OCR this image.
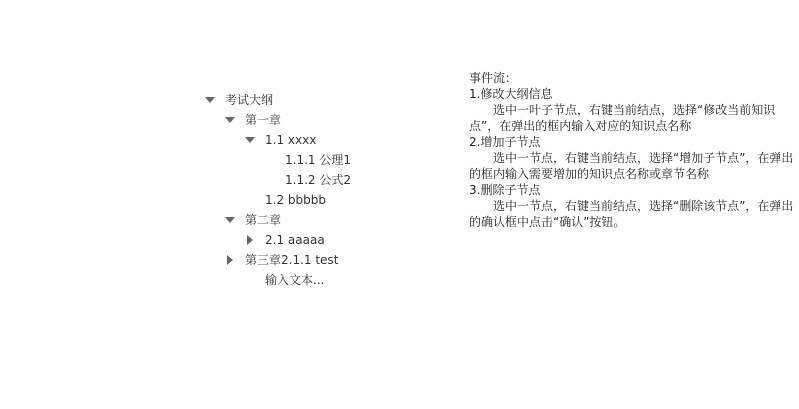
考试大纲
第一章
1.1 xxxx
1.1.1 公理1
1.1.2 公式2
1.2 bbbbb
第二章
2.1 aaaaa
第三章2.1.1 test
输入文本...
事件流：
1.修改大纲信息
选中一叶子节点，右键当前结点，选择“修改当前知识点”，在弹出的框内输入对应的知识点名称
2.增加子节点
选中一节点，右键当前结点，选择“增加子节点”，在弹出的框内输入需要增加的知识点名称或章节名称
3.删除子节点
选中一节点，右键当前结点，选择“删除该节点”，在弹出的确认框中点击“确认”按钮。
